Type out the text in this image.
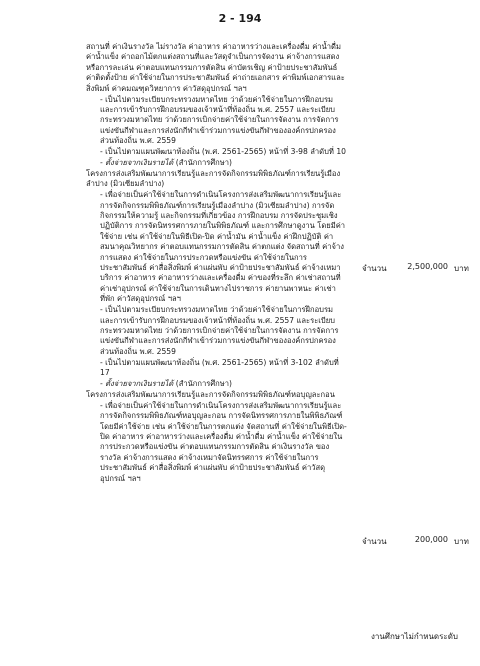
2 - 194

สถานที่ ค่าเงินรางวัล ไม่รางวัล ค่าอาหาร ค่าอาหารว่างและเครื่องดื่ม ค่าน้ำดื่ม ค่าน้ำแข็ง ค่าถอกไม้ตกแต่งสถานที่และวัสดุจำเป็นการจัดงาน ค่าจ้างการแสดงหรือการละเล่น ค่าตอบแทนกรรมการตัดสิน ค่าบัตรเชิญ ค่าป้ายประชาสัมพันธ์ ค่าติดตั้งป้าย ค่าใช้จ่ายในการประชาสัมพันธ์ ค่าถ่ายเอกสาร ค่าพิมพ์เอกสารและสิ่งพิมพ์ ค่าคมณฑุดวิหยาการ ค่าวัสดุอุปกรณ์ ฯลฯ

- เป็นไปตามระเบียบกระทรวงมหาดไทย ว่าด้วยค่าใช้จ่ายในการฝึกอบรม และการเข้ารับการฝึกอบรมของเจ้าหน้าที่ท้องถิ่น พ.ศ. 2557 และระเบียบกระทรวงมหาดไทย ว่าด้วยการเบิกจ่ายค่าใช้จ่ายในการจัดงาน การจัดการแข่งขันกีฬาและการส่งนักกีฬาเข้าร่วมการแข่งขันกีฬาขององค์กรปกครองส่วนท้องถิ่น พ.ศ. 2559

- เป็นไปตามแผนพัฒนาท้องถิ่น (พ.ศ. 2561-2565) หน้าที่ 3-98 ลำดับที่ 10

- ตั้งจ่ายจากเงินรายได้ (สำนักการศึกษา)

โครงการส่งเสริมพัฒนาการเรียนรู้และการจัดกิจกรรมพิพิธภัณฑ์การเรียนรู้เมืองลำปาง (มิวเซียมลำปาง)

- เพื่อจ่ายเป็นค่าใช้จ่ายในการดำเนินโครงการส่งเสริมพัฒนาการเรียนรู้และการจัดกิจกรรมพิพิธภัณฑ์การเรียนรู้เมืองลำปาง (มิวเซียมลำปาง) การจัดกิจกรรมให้ความรู้ และกิจกรรมที่เกี่ยวข้อง การฝึกอบรม การจัดประชุมเชิงปฏิบัติการ การจัดนิทรรศการภายในพิพิธภัณฑ์ และการศึกษาดูงาน โดยมีค่าใช้จ่าย เช่น ค่าใช้จ่ายในพิธีเปิด-ปิด ค่าน้ำมัน ค่าน้ำแข็ง ค่าฝึกปฏิบัติ ค่าสมนาคุณวิทยากร ค่าตอบแทนกรรมการตัดสิน ค่าตกแต่ง จัดสถานที่ ค่าจ้างการแสดง ค่าใช้จ่ายในการประกวดหรือแข่งขัน ค่าใช้จ่ายในการประชาสัมพันธ์ ค่าสื่อสิ่งพิมพ์ ค่าแผ่นพับ ค่าป้ายประชาสัมพันธ์ ค่าจ้างเหมาบริการ ค่าอาหาร ค่าอาหารว่างและเครื่องดื่ม ค่าของที่ระลึก ค่าเช่าสถานที่ ค่าเช่าอุปกรณ์ ค่าใช้จ่ายในการเดินทางไปราชการ ค่ายานพาหนะ ค่าเช่าที่พัก ค่าวัสดุอุปกรณ์ ฯลฯ

- เป็นไปตามระเบียบกระทรวงมหาดไทย ว่าด้วยค่าใช้จ่ายในการฝึกอบรม และการเข้ารับการฝึกอบรมของเจ้าหน้าที่ท้องถิ่น พ.ศ. 2557 และระเบียบกระทรวงมหาดไทย ว่าด้วยการเบิกจ่ายค่าใช้จ่ายในการจัดงาน การจัดการแข่งขันกีฬาและการส่งนักกีฬาเข้าร่วมการแข่งขันกีฬาขององค์กรปกครองส่วนท้องถิ่น พ.ศ. 2559

- เป็นไปตามแผนพัฒนาท้องถิ่น (พ.ศ. 2561-2565) หน้าที่ 3-102 ลำดับที่ 17

- ตั้งจ่ายจากเงินรายได้ (สำนักการศึกษา)

โครงการส่งเสริมพัฒนาการเรียนรู้และการจัดกิจกรรมพิพิธภัณฑ์หอบุญละกอน

- เพื่อจ่ายเป็นค่าใช้จ่ายในการดำเนินโครงการส่งเสริมพัฒนาการเรียนรู้และการจัดกิจกรรมพิพิธภัณฑ์หอบุญละกอน การจัดนิทรรศการภายในพิพิธภัณฑ์ โดยมีค่าใช้จ่าย เช่น ค่าใช้จ่ายในการตกแต่ง จัดสถานที่ ค่าใช้จ่ายในพิธีเปิด-ปิด ค่าอาหาร ค่าอาหารว่างและเครื่องดื่ม ค่าน้ำดื่ม ค่าน้ำแข็ง ค่าใช้จ่ายในการประกวดหรือแข่งขัน ค่าตอบแทนกรรมการตัดสิน ค่าเงินรางวัล ของรางวัล ค่าจ้างการแสดง ค่าจ้างเหมาจัดนิทรรศการ ค่าใช้จ่ายในการประชาสัมพันธ์ ค่าสื่อสิ่งพิมพ์ ค่าแผ่นพับ ค่าป้ายประชาสัมพันธ์ ค่าวัสดุอุปกรณ์ ฯลฯ

จำนวน	2,500,000 บาท
จำนวน	200,000 บาท
งานศึกษาไม่กำหนดระดับ
